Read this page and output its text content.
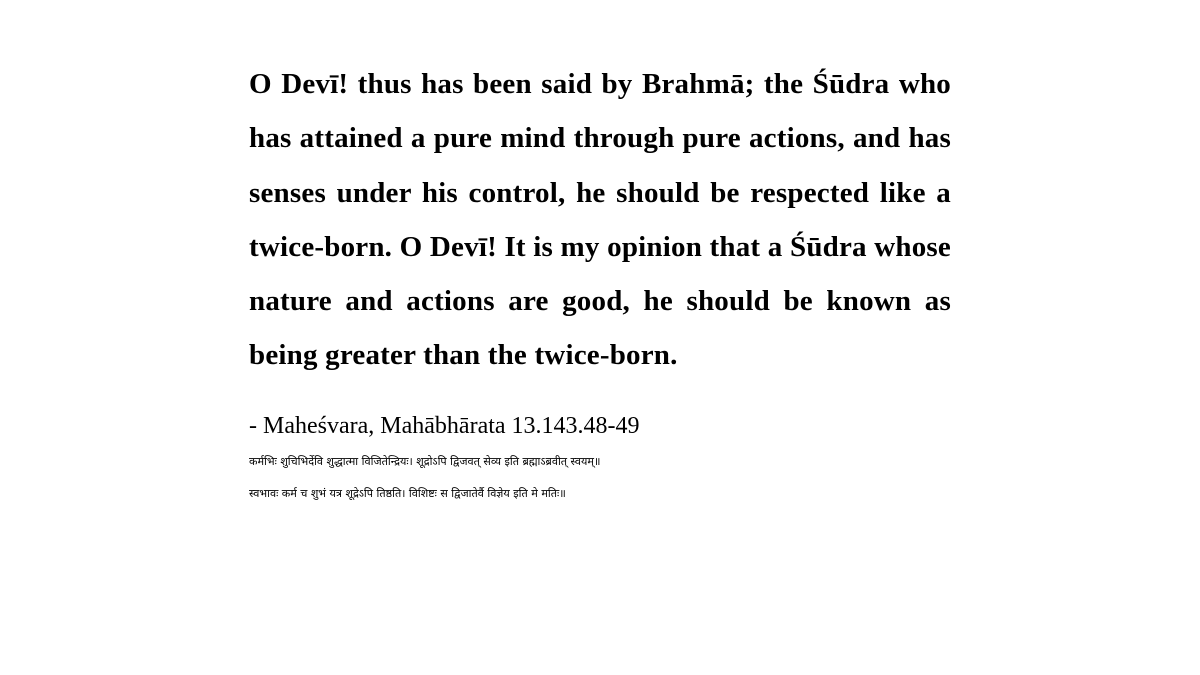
O Devī! thus has been said by Brahmā; the Śūdra who has attained a pure mind through pure actions, and has senses under his control, he should be respected like a twice-born. O Devī! It is my opinion that a Śūdra whose nature and actions are good, he should be known as being greater than the twice-born.

- Maheśvara, Mahābhārata 13.143.48-49
कर्मभिः शुचिभिर्देवि शुद्धात्मा विजितेन्द्रियः। शूद्रोऽपि द्विजवत् सेव्य इति ब्रह्माऽब्रवीत् स्वयम्॥
स्वभावः कर्म च शुभं यत्र शूद्रेऽपि तिष्ठति। विशिष्टः स द्विजातेर्वै विज्ञेय इति मे मतिः॥
